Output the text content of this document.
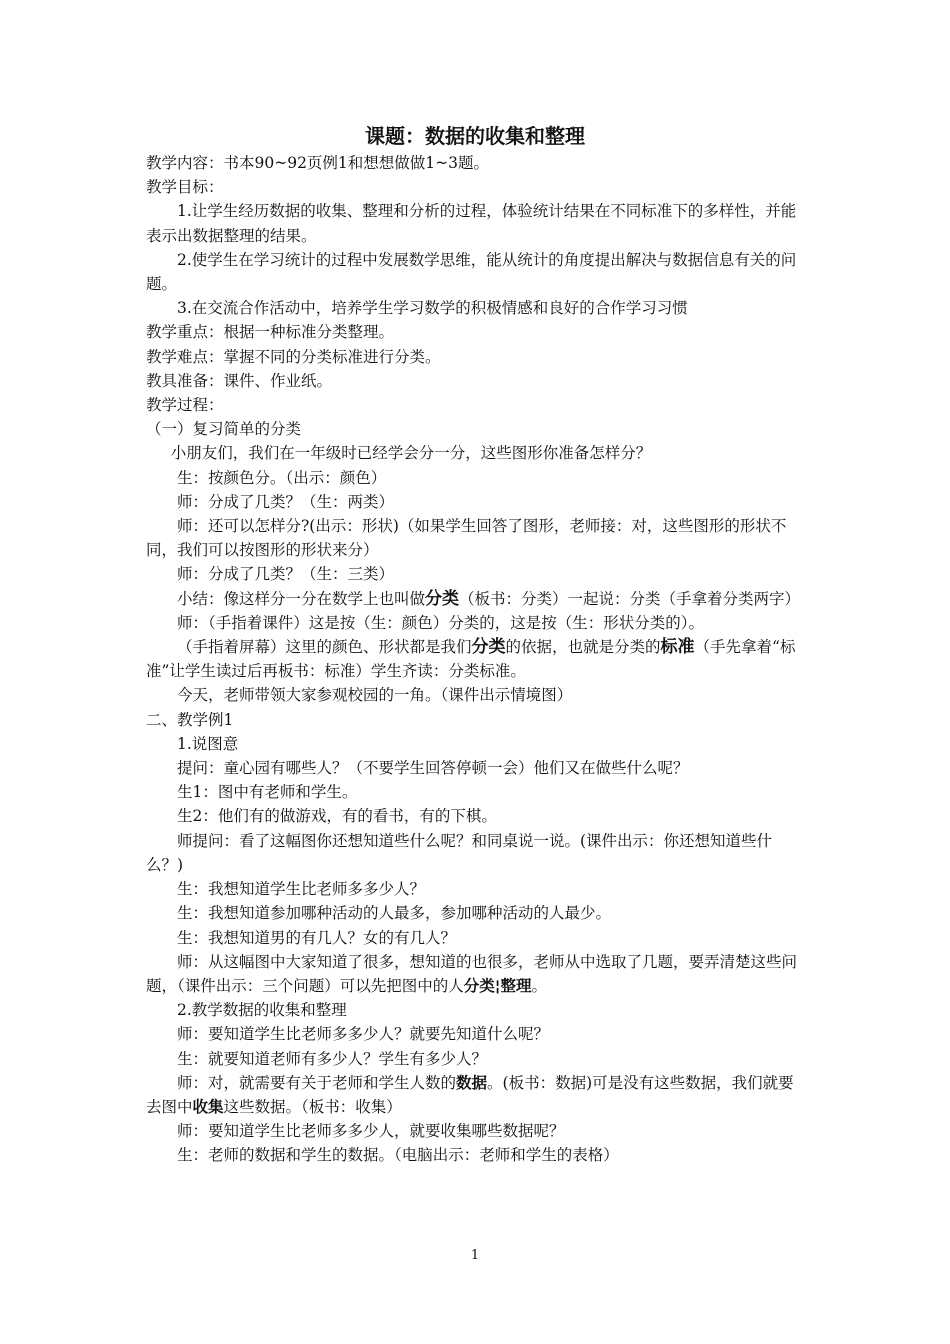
课题：数据的收集和整理

教学内容：书本90~92页例1和想想做做1~3题。

教学目标：

1.让学生经历数据的收集、整理和分析的过程，体验统计结果在不同标准下的多样性，并能表示出数据整理的结果。

2.使学生在学习统计的过程中发展数学思维，能从统计的角度提出解决与数据信息有关的问题。

3.在交流合作活动中，培养学生学习数学的积极情感和良好的合作学习习惯

教学重点：根据一种标准分类整理。

教学难点：掌握不同的分类标准进行分类。

教具准备：课件、作业纸。

教学过程：

（一）复习简单的分类

小朋友们，我们在一年级时已经学会分一分，这些图形你准备怎样分？

生：按颜色分。（出示：颜色）

师：分成了几类？（生：两类）

师：还可以怎样分?(出示：形状)（如果学生回答了图形，老师接：对，这些图形的形状不同，我们可以按图形的形状来分）

师：分成了几类？（生：三类）

小结：像这样分一分在数学上也叫做分类（板书：分类）一起说：分类（手拿着分类两字）

师：（手指着课件）这是按（生：颜色）分类的，这是按（生：形状分类的）。

（手指着屏幕）这里的颜色、形状都是我们分类的依据，也就是分类的标准（手先拿着“标准”让学生读过后再板书：标准）学生齐读：分类标准。

今天，老师带领大家参观校园的一角。（课件出示情境图）

二、教学例1

1.说图意

提问：童心园有哪些人？（不要学生回答停顿一会）他们又在做些什么呢？

生1：图中有老师和学生。

生2：他们有的做游戏，有的看书，有的下棋。

师提问：看了这幅图你还想知道些什么呢？和同桌说一说。(课件出示：你还想知道些什么？)

生：我想知道学生比老师多多少人？

生：我想知道参加哪种活动的人最多，参加哪种活动的人最少。

生：我想知道男的有几人？女的有几人？

师：从这幅图中大家知道了很多，想知道的也很多，老师从中选取了几题，要弄清楚这些问题，（课件出示：三个问题）可以先把图中的人分类¦整理。

2.教学数据的收集和整理

师：要知道学生比老师多多少人？就要先知道什么呢？

生：就要知道老师有多少人？学生有多少人？

师：对，就需要有关于老师和学生人数的数据。(板书：数据)可是没有这些数据，我们就要去图中收集这些数据。（板书：收集）

师：要知道学生比老师多多少人，就要收集哪些数据呢？

生：老师的数据和学生的数据。（电脑出示：老师和学生的表格）

1
